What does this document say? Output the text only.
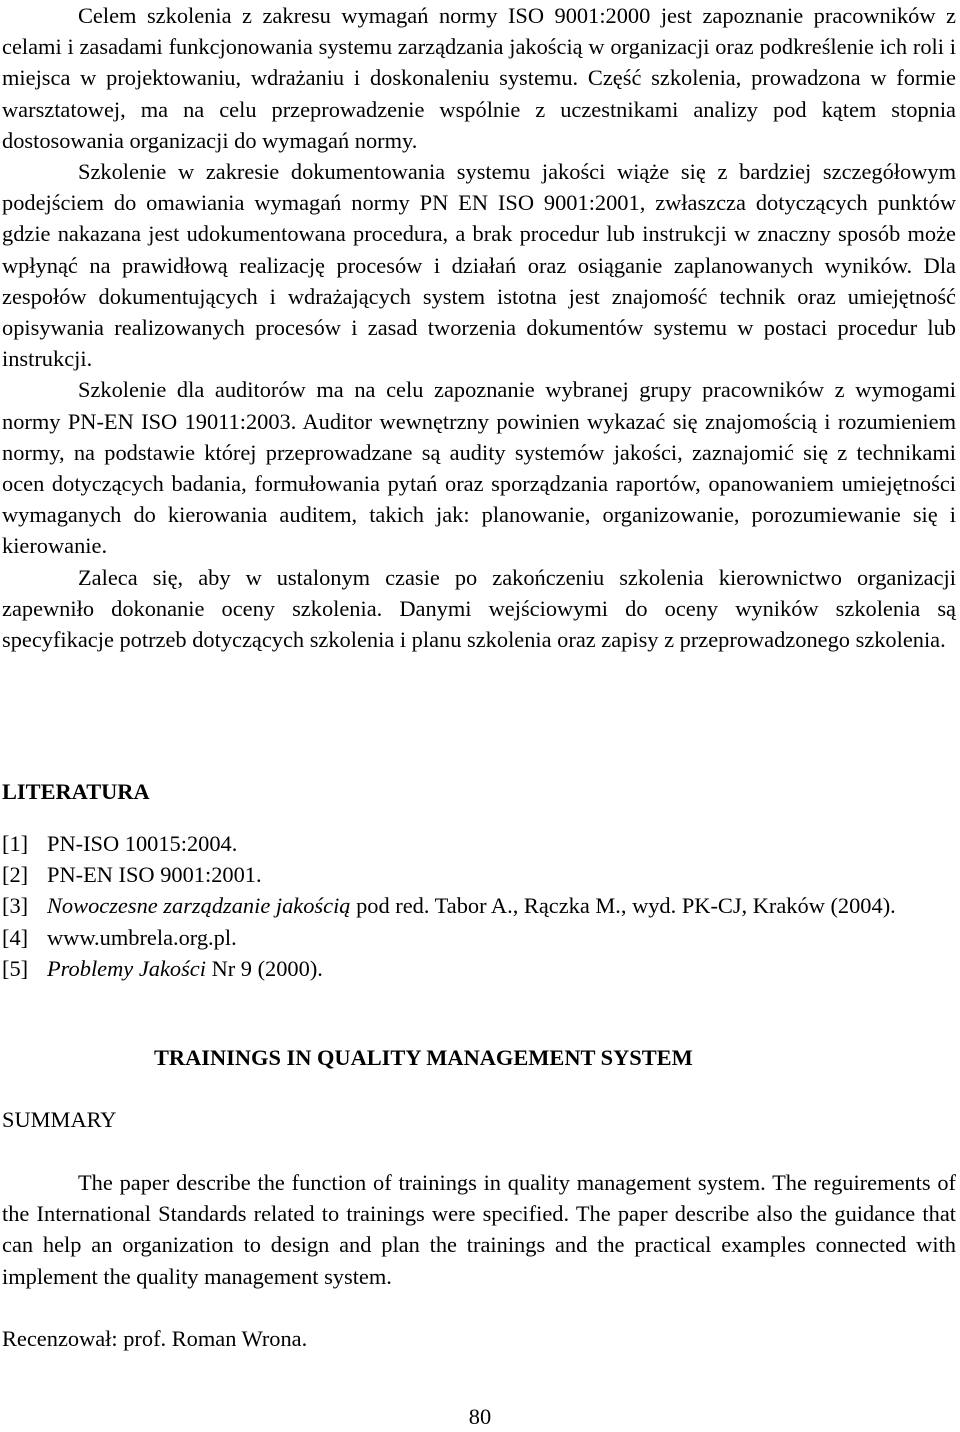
Celem szkolenia z zakresu wymagań normy ISO 9001:2000 jest zapoznanie pracowników z celami i zasadami funkcjonowania systemu zarządzania jakością w organizacji oraz podkreślenie ich roli i miejsca w projektowaniu, wdrażaniu i doskonaleniu systemu. Część szkolenia, prowadzona w formie warsztatowej, ma na celu przeprowadzenie wspólnie z uczestnikami analizy pod kątem stopnia dostosowania organizacji do wymagań normy.

Szkolenie w zakresie dokumentowania systemu jakości wiąże się z bardziej szczegółowym podejściem do omawiania wymagań normy PN EN ISO 9001:2001, zwłaszcza dotyczących punktów gdzie nakazana jest udokumentowana procedura, a brak procedur lub instrukcji w znaczny sposób może wpłynąć na prawidłową realizację procesów i działań oraz osiąganie zaplanowanych wyników. Dla zespołów dokumentujących i wdrażających system istotna jest znajomość technik oraz umiejętność opisywania realizowanych procesów i zasad tworzenia dokumentów systemu w postaci procedur lub instrukcji.

Szkolenie dla auditorów ma na celu zapoznanie wybranej grupy pracowników z wymogami normy PN-EN ISO 19011:2003. Auditor wewnętrzny powinien wykazać się znajomością i rozumieniem normy, na podstawie której przeprowadzane są audity systemów jakości, zaznajomić się z technikami ocen dotyczących badania, formułowania pytań oraz sporządzania raportów, opanowaniem umiejętności wymaganych do kierowania auditem, takich jak: planowanie, organizowanie, porozumiewanie się i kierowanie.

Zaleca się, aby w ustalonym czasie po zakończeniu szkolenia kierownictwo organizacji zapewniło dokonanie oceny szkolenia. Danymi wejściowymi do oceny wyników szkolenia są specyfikacje potrzeb dotyczących szkolenia i planu szkolenia oraz zapisy z przeprowadzonego szkolenia.

LITERATURA
[1] PN-ISO 10015:2004.
[2] PN-EN ISO 9001:2001.
[3] Nowoczesne zarządzanie jakością pod red. Tabor A., Rączka M., wyd. PK-CJ, Kraków (2004).
[4] www.umbrela.org.pl.
[5] Problemy Jakości Nr 9 (2000).
TRAININGS IN QUALITY MANAGEMENT SYSTEM
SUMMARY

The paper describe the function of trainings in quality management system. The reguirements of the International Standards related to trainings were specified. The paper describe also the guidance that can help an organization to design and plan the trainings and the practical examples connected with implement the quality management system.

Recenzował: prof. Roman Wrona.
80
